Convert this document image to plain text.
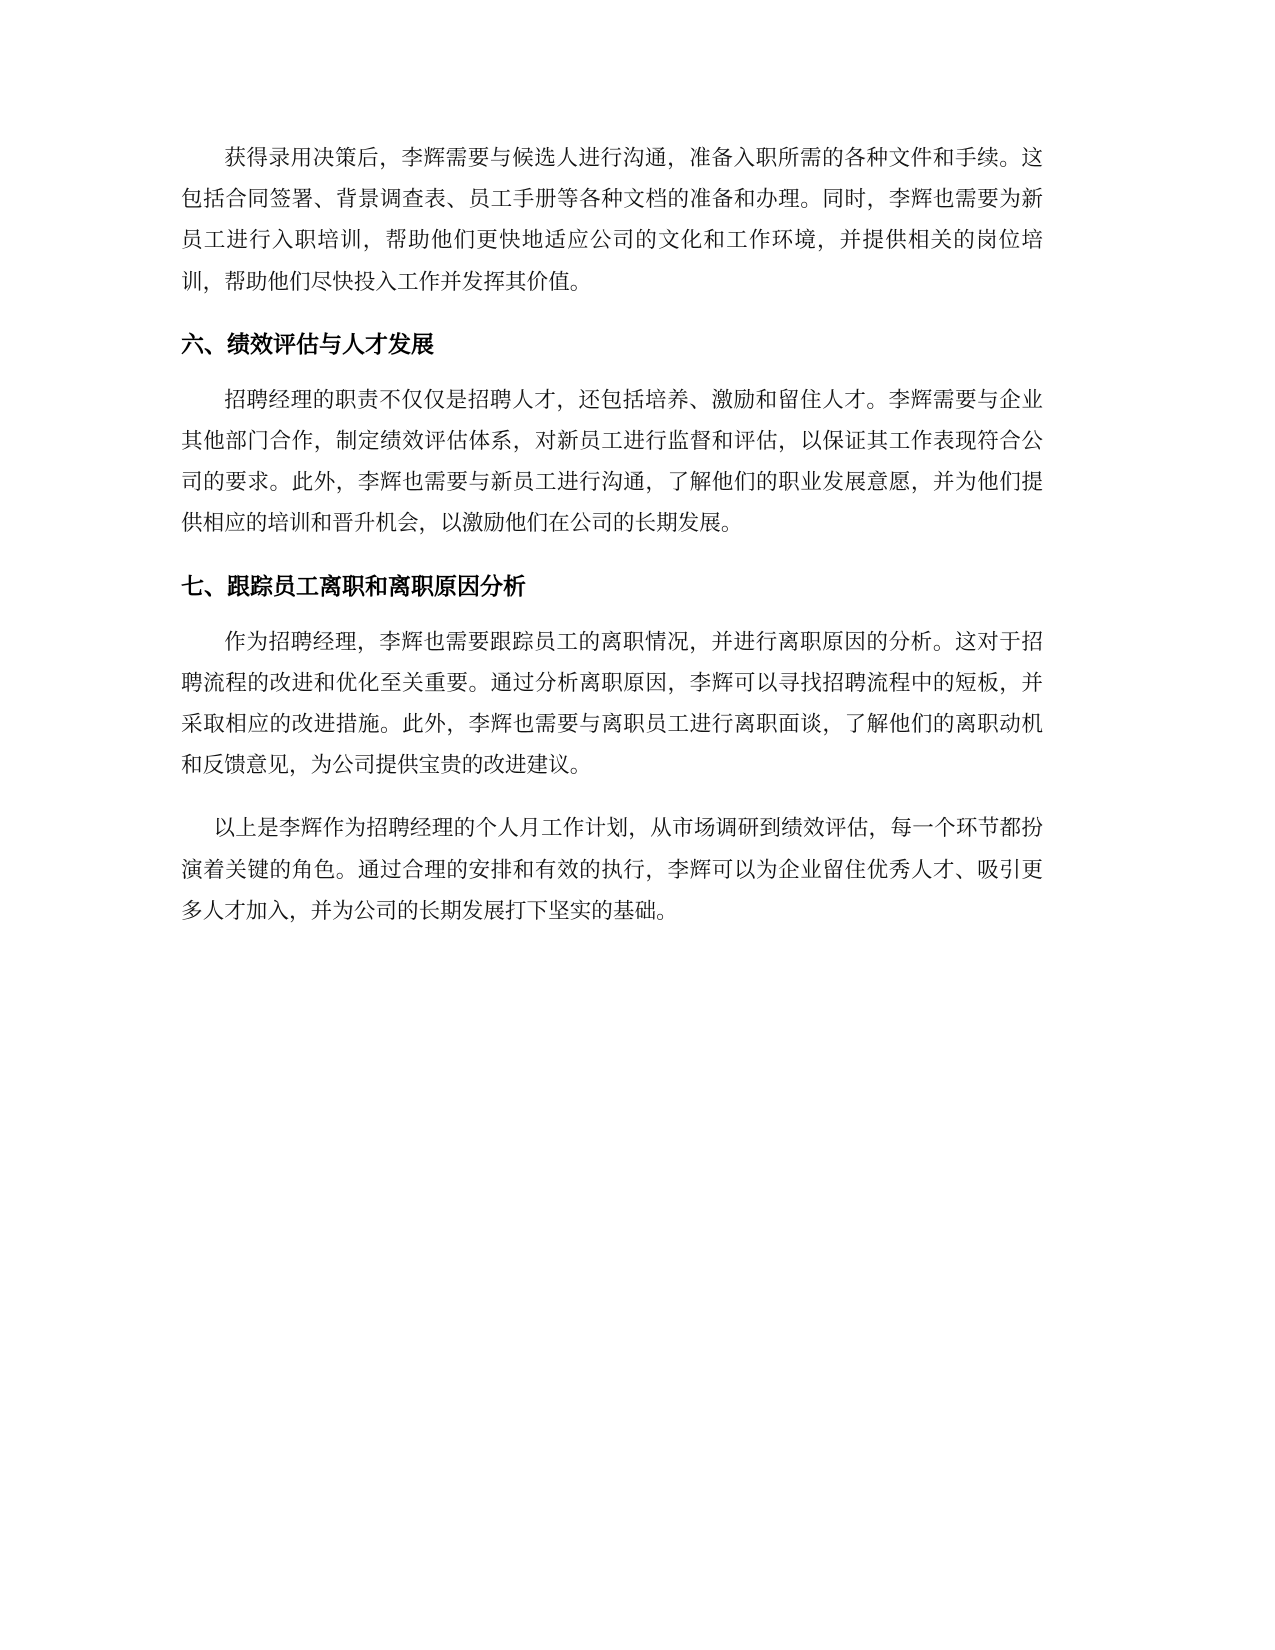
获得录用决策后，李辉需要与候选人进行沟通，准备入职所需的各种文件和手续。这包括合同签署、背景调查表、员工手册等各种文档的准备和办理。同时，李辉也需要为新员工进行入职培训，帮助他们更快地适应公司的文化和工作环境，并提供相关的岗位培训，帮助他们尽快投入工作并发挥其价值。

六、绩效评估与人才发展

招聘经理的职责不仅仅是招聘人才，还包括培养、激励和留住人才。李辉需要与企业其他部门合作，制定绩效评估体系，对新员工进行监督和评估，以保证其工作表现符合公司的要求。此外，李辉也需要与新员工进行沟通，了解他们的职业发展意愿，并为他们提供相应的培训和晋升机会，以激励他们在公司的长期发展。

七、跟踪员工离职和离职原因分析

作为招聘经理，李辉也需要跟踪员工的离职情况，并进行离职原因的分析。这对于招聘流程的改进和优化至关重要。通过分析离职原因，李辉可以寻找招聘流程中的短板，并采取相应的改进措施。此外，李辉也需要与离职员工进行离职面谈，了解他们的离职动机和反馈意见，为公司提供宝贵的改进建议。

以上是李辉作为招聘经理的个人月工作计划，从市场调研到绩效评估，每一个环节都扮演着关键的角色。通过合理的安排和有效的执行，李辉可以为企业留住优秀人才、吸引更多人才加入，并为公司的长期发展打下坚实的基础。
